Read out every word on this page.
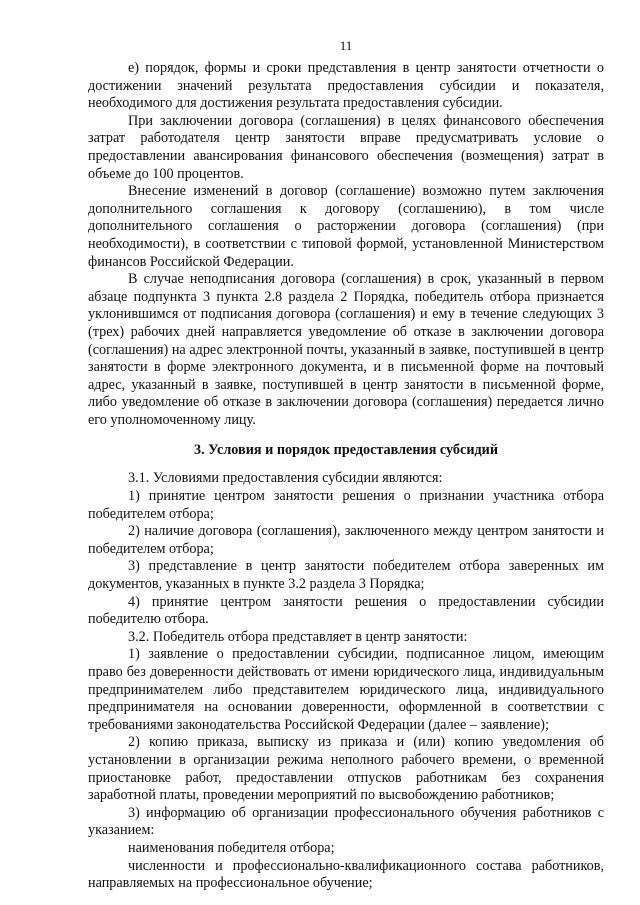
11

е) порядок, формы и сроки представления в центр занятости отчетности о достижении значений результата предоставления субсидии и показателя, необходимого для достижения результата предоставления субсидии.

При заключении договора (соглашения) в целях финансового обеспечения затрат работодателя центр занятости вправе предусматривать условие о предоставлении авансирования финансового обеспечения (возмещения) затрат в объеме до 100 процентов.

Внесение изменений в договор (соглашение) возможно путем заключения дополнительного соглашения к договору (соглашению), в том числе дополнительного соглашения о расторжении договора (соглашения) (при необходимости), в соответствии с типовой формой, установленной Министерством финансов Российской Федерации.

В случае неподписания договора (соглашения) в срок, указанный в первом абзаце подпункта 3 пункта 2.8 раздела 2 Порядка, победитель отбора признается уклонившимся от подписания договора (соглашения) и ему в течение следующих 3 (трех) рабочих дней направляется уведомление об отказе в заключении договора (соглашения) на адрес электронной почты, указанный в заявке, поступившей в центр занятости в форме электронного документа, и в письменной форме на почтовый адрес, указанный в заявке, поступившей в центр занятости в письменной форме, либо уведомление об отказе в заключении договора (соглашения) передается лично его уполномоченному лицу.

3. Условия и порядок предоставления субсидий

3.1. Условиями предоставления субсидии являются:

1) принятие центром занятости решения о признании участника отбора победителем отбора;

2) наличие договора (соглашения), заключенного между центром занятости и победителем отбора;

3) представление в центр занятости победителем отбора заверенных им документов, указанных в пункте 3.2 раздела 3 Порядка;

4) принятие центром занятости решения о предоставлении субсидии победителю отбора.

3.2. Победитель отбора представляет в центр занятости:

1) заявление о предоставлении субсидии, подписанное лицом, имеющим право без доверенности действовать от имени юридического лица, индивидуальным предпринимателем либо представителем юридического лица, индивидуального предпринимателя на основании доверенности, оформленной в соответствии с требованиями законодательства Российской Федерации (далее – заявление);

2) копию приказа, выписку из приказа и (или) копию уведомления об установлении в организации режима неполного рабочего времени, о временной приостановке работ, предоставлении отпусков работникам без сохранения заработной платы, проведении мероприятий по высвобождению работников;

3) информацию об организации профессионального обучения работников с указанием:

наименования победителя отбора;

численности и профессионально-квалификационного состава работников, направляемых на профессиональное обучение;
